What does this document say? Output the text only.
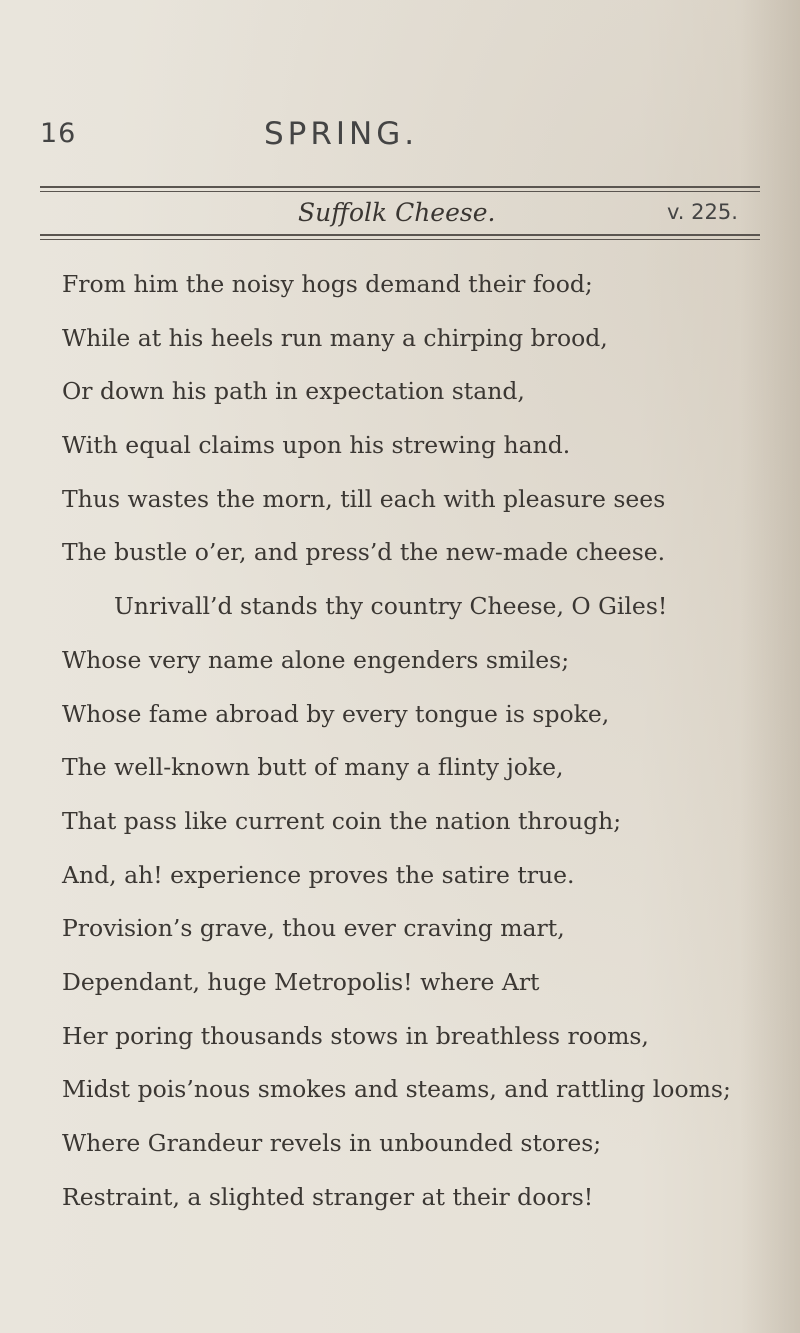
16	SPRING.
Suffolk Cheese.	v. 225.
From him the noisy hogs demand their food;
While at his heels run many a chirping brood,
Or down his path in expectation stand,
With equal claims upon his strewing hand.
Thus wastes the morn, till each with pleasure sees
The bustle o’er, and press’d the new-made cheese.
Unrivall’d stands thy country Cheese, O Giles!
Whose very name alone engenders smiles;
Whose fame abroad by every tongue is spoke,
The well-known butt of many a flinty joke,
That pass like current coin the nation through;
And, ah! experience proves the satire true.
Provision’s grave, thou ever craving mart,
Dependant, huge Metropolis! where Art
Her poring thousands stows in breathless rooms,
Midst pois’nous smokes and steams, and rattling looms;
Where Grandeur revels in unbounded stores;
Restraint, a slighted stranger at their doors!
